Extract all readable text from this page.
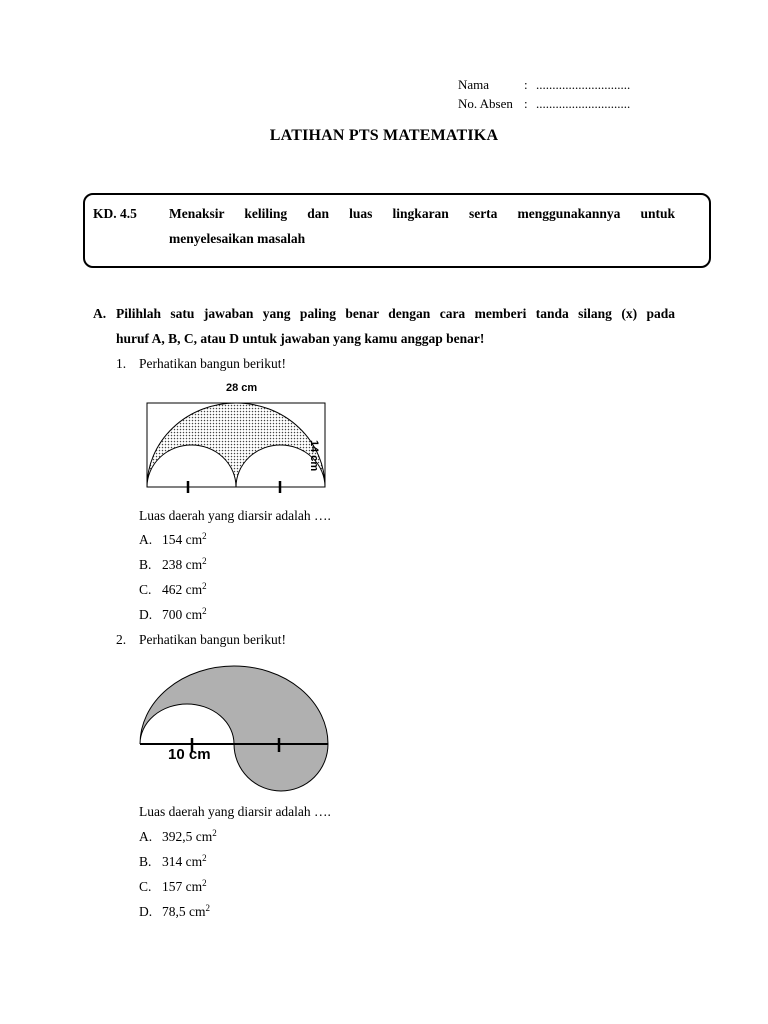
Nama	: .............................
No. Absen : .............................
LATIHAN PTS MATEMATIKA
KD. 4.5 Menaksir keliling dan luas lingkaran serta menggunakannya untuk
menyelesaikan masalah
A. Pilihlah satu jawaban yang paling benar dengan cara memberi tanda silang (x) pada
huruf A, B, C, atau D untuk jawaban yang kamu anggap benar!
1. Perhatikan bangun berikut!
28 cm
14 cm
Luas daerah yang diarsir adalah ….
A. 154 $cm^2$
B. 238 $cm^2$
C. 462 $cm^2$
D. 700 $cm^2$
2. Perhatikan bangun berikut!
10 cm
Luas daerah yang diarsir adalah ….
A. 392,5 $cm^2$
B. 314 $cm^2$
C. 157 $cm^2$
D. 78,5 $cm^2$
